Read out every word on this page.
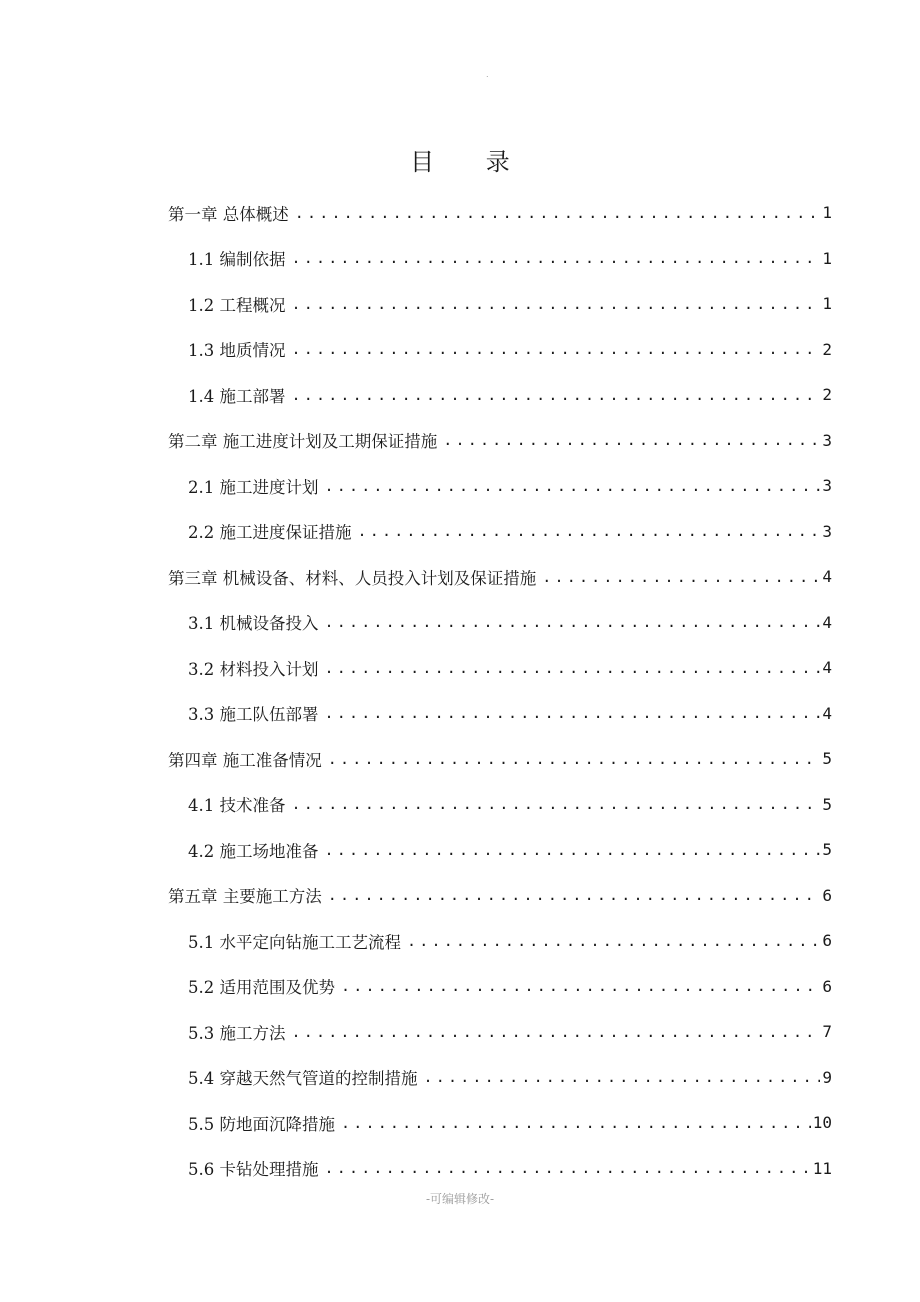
.
目 录
第一章 总体概述 .....	1
1.1 编制依据 .....	1
1.2 工程概况 .....	1
1.3 地质情况 .....	2
1.4 施工部署 .....	2
第二章 施工进度计划及工期保证措施 .....	3
2.1 施工进度计划 .....	3
2.2 施工进度保证措施 .....	3
第三章 机械设备、材料、人员投入计划及保证措施 .....	4
3.1 机械设备投入 .....	4
3.2 材料投入计划 .....	4
3.3 施工队伍部署 .....	4
第四章 施工准备情况 .....	5
4.1 技术准备 .....	5
4.2 施工场地准备 .....	5
第五章 主要施工方法 .....	6
5.1 水平定向钻施工工艺流程 .....	6
5.2 适用范围及优势 .....	6
5.3 施工方法 .....	7
5.4 穿越天然气管道的控制措施 .....	9
5.5 防地面沉降措施 .....	10
5.6 卡钻处理措施 .....	11
-可编辑修改-
